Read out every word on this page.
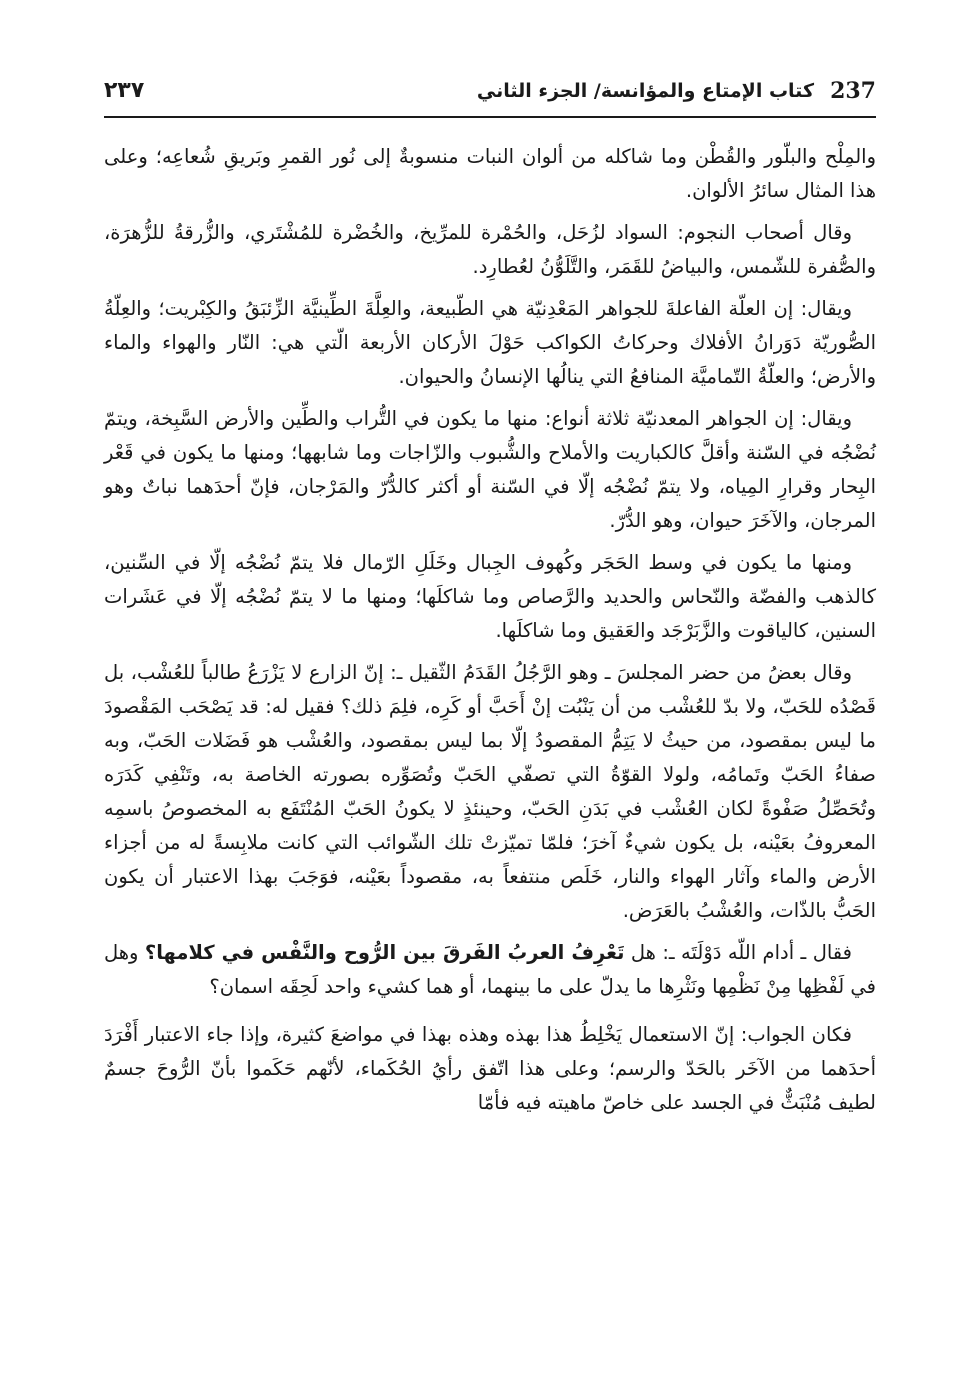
٢٣٧	كتاب الإمتاع والمؤانسة/ الجزء الثاني 237

والمِلْح والبلّور والقُطْن وما شاكله من ألوان النبات منسوبةٌ إلى نُور القمرِ وبَريقِ شُعاعِه؛ وعلى هذا المثال سائرُ الألوان.

وقال أصحاب النجوم: السواد لزُحَل، والحُمْرة للمرِّيخ، والخُضْرة للمُشْتَري، والزُّرقةُ للزُّهرَة، والصُّفرة للشّمس، والبياضُ للقَمَر، والتَّلَوُّنُ لعُطارِد.

ويقال: إن العلّة الفاعلةَ للجواهر المَعْدِنيّة هي الطّبيعة، والعِلَّةَ الطِّينيَّة الزِّئبَقُ والكِبْريت؛ والعِلّةُ الصُّوريّة دَوَرانُ الأفلاك وحركاتُ الكواكب حَوْلَ الأركان الأربعة الّتي هي: النّار والهواء والماء والأرض؛ والعلّةُ التّماميَّة المنافعُ التي ينالُها الإنسانُ والحيوان.

ويقال: إن الجواهر المعدنيّة ثلاثة أنواع: منها ما يكون في التُّراب والطِّين والأرض السَّبِخة، ويتمّ نُضْجُه في السّنة وأقلَّ كالكباريت والأملاح والشُّبوب والزّاجات وما شابهها؛ ومنها ما يكون في قَعْر البِحار وقرارِ المِياه، ولا يتمّ نُضْجُه إلّا في السّنة أو أكثر كالدُّرّ والمَرْجان، فإنّ أحدَهما نباتٌ وهو المرجان، والآخَرَ حيوان، وهو الدُّرّ.

ومنها ما يكون في وسط الحَجَر وكُهوف الجِبال وخَلَلِ الرّمال فلا يتمّ نُضْجُه إلّا في السِّنين، كالذهب والفضّة والنّحاس والحديد والرَّصاص وما شاكلَها؛ ومنها ما لا يتمّ نُضْجُه إلّا في عَشَرات السنين، كالياقوت والزَّبَرْجَد والعَقيق وما شاكلَها.

وقال بعضُ من حضر المجلسَ ـ وهو الرَّجُلُ القَدَمُ الثّقيل ـ: إنّ الزارع لا يَزْرَعُ طالباً للعُشْب، بل قَصْدُه للحَبّ، ولا بدّ للعُشْب من أن يَنْبُت إنْ أَحَبَّ أو كَرِه، فلِمَ ذلك؟ فقيل له: قد يَصْحَب المَقْصودَ ما ليس بمقصود، من حيثُ لا يَتِمُّ المقصودُ إلّا بما ليس بمقصود، والعُشْب هو فَضَلات الحَبّ، وبه صفاءُ الحَبّ وتَمامُه، ولولا القوّةُ التي تصفّي الحَبّ وتُصَوِّره بصورته الخاصة به، وتَنْفِي كَدَرَه وتُحَصِّلُ صَفْوةً لكان العُشْب في بَدَنِ الحَبّ، وحينئذٍ لا يكونُ الحَبّ المُنْتَفَع به المخصوصُ باسمِه المعروفُ بعَيْنه، بل يكون شيءٌ آخرَ؛ فلمّا تميّزتْ تلك الشّوائب التي كانت ملابِسةً له من أجزاء الأرض والماء وآثار الهواء والنار، خَلَص منتفعاً به، مقصوداً بعَيْنه، فوَجَبَ بهذا الاعتبار أن يكون الحَبُّ بالذّات، والعُشْبُ بالعَرَض.

فقال ـ أدام اللّه دَوْلَتَه ـ: هل تَعْرِفُ العربُ الفَرقَ بين الرُّوح والنَّفْس في كلامها؟ وهل في لَفْظِها مِنْ نَظْمِها ونَثْرِها ما يدلّ على ما بينهما، أو هما كشيء واحد لَحِقَه اسمان؟

فكان الجواب: إنّ الاستعمال يَخْلِطُ هذا بهذه وهذه بهذا في مواضعَ كثيرة، وإذا جاء الاعتبار أَفْرَدَ أحدَهما من الآخَر بالحَدّ والرسم؛ وعلى هذا اتّفق رأيُ الحُكَماء، لأنّهم حَكَموا بأنّ الرُّوحَ جسمٌ لطيف مُنْبَثٌّ في الجسد على خاصّ ماهيته فيه فأمّا
